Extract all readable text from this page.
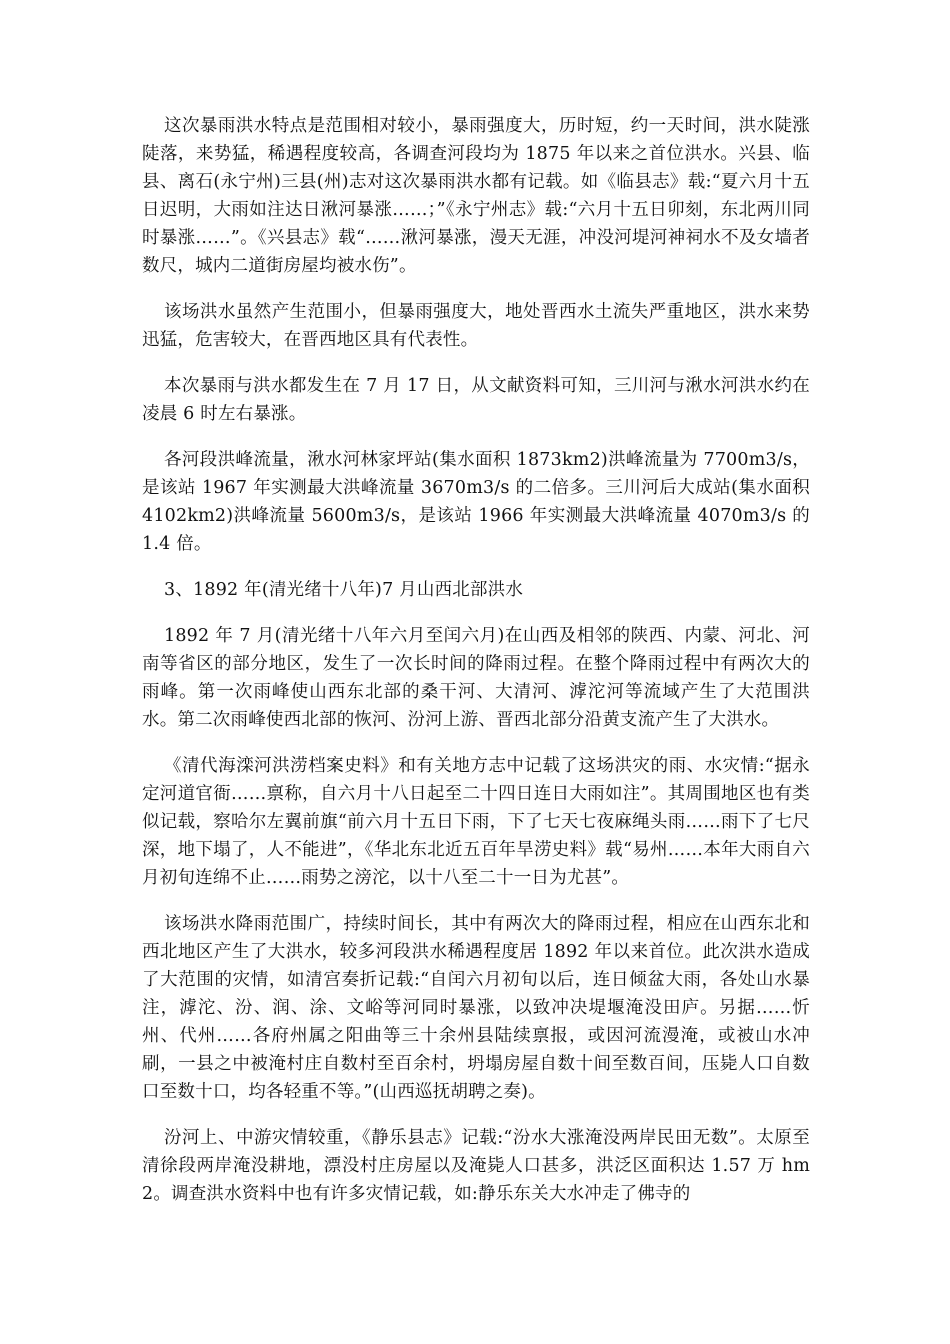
这次暴雨洪水特点是范围相对较小，暴雨强度大，历时短，约一天时间，洪水陡涨陡落，来势猛，稀遇程度较高，各调查河段均为 1875 年以来之首位洪水。兴县、临县、离石(永宁州)三县(州)志对这次暴雨洪水都有记载。如《临县志》载:“夏六月十五日迟明，大雨如注达日湫河暴涨……；”《永宁州志》载:“六月十五日卯刻，东北两川同时暴涨……”。《兴县志》载“……湫河暴涨，漫天无涯，冲没河堤河神祠水不及女墙者数尺，城内二道街房屋均被水伤”。

该场洪水虽然产生范围小，但暴雨强度大，地处晋西水土流失严重地区，洪水来势迅猛，危害较大，在晋西地区具有代表性。

本次暴雨与洪水都发生在 7 月 17 日，从文献资料可知，三川河与湫水河洪水约在凌晨 6 时左右暴涨。

各河段洪峰流量，湫水河林家坪站(集水面积 1873km2)洪峰流量为 7700m3/s，是该站 1967 年实测最大洪峰流量 3670m3/s 的二倍多。三川河后大成站(集水面积 4102km2)洪峰流量 5600m3/s，是该站 1966 年实测最大洪峰流量 4070m3/s 的 1.4 倍。

3、1892 年(清光绪十八年)7 月山西北部洪水

1892 年 7 月(清光绪十八年六月至闰六月)在山西及相邻的陕西、内蒙、河北、河南等省区的部分地区，发生了一次长时间的降雨过程。在整个降雨过程中有两次大的雨峰。第一次雨峰使山西东北部的桑干河、大清河、滹沱河等流域产生了大范围洪水。第二次雨峰使西北部的恢河、汾河上游、晋西北部分沿黄支流产生了大洪水。

《清代海滦河洪涝档案史料》和有关地方志中记载了这场洪灾的雨、水灾情:“据永定河道官衙……禀称，自六月十八日起至二十四日连日大雨如注”。其周围地区也有类似记载，察哈尔左翼前旗“前六月十五日下雨，下了七天七夜麻绳头雨……雨下了七尺深，地下塌了，人不能进”，《华北东北近五百年旱涝史料》载“易州……本年大雨自六月初旬连绵不止……雨势之滂沱，以十八至二十一日为尤甚”。

该场洪水降雨范围广，持续时间长，其中有两次大的降雨过程，相应在山西东北和西北地区产生了大洪水，较多河段洪水稀遇程度居 1892 年以来首位。此次洪水造成了大范围的灾情，如清宫奏折记载:“自闰六月初旬以后，连日倾盆大雨，各处山水暴注，滹沱、汾、润、涂、文峪等河同时暴涨，以致冲决堤堰淹没田庐。另据……忻州、代州……各府州属之阳曲等三十余州县陆续禀报，或因河流漫淹，或被山水冲刷，一县之中被淹村庄自数村至百余村，坍塌房屋自数十间至数百间，压毙人口自数口至数十口，均各轻重不等。”(山西巡抚胡聘之奏)。

汾河上、中游灾情较重，《静乐县志》记载:“汾水大涨淹没两岸民田无数”。太原至清徐段两岸淹没耕地，漂没村庄房屋以及淹毙人口甚多，洪泛区面积达 1.57 万 hm2。调查洪水资料中也有许多灾情记载，如:静乐东关大水冲走了佛寺的
